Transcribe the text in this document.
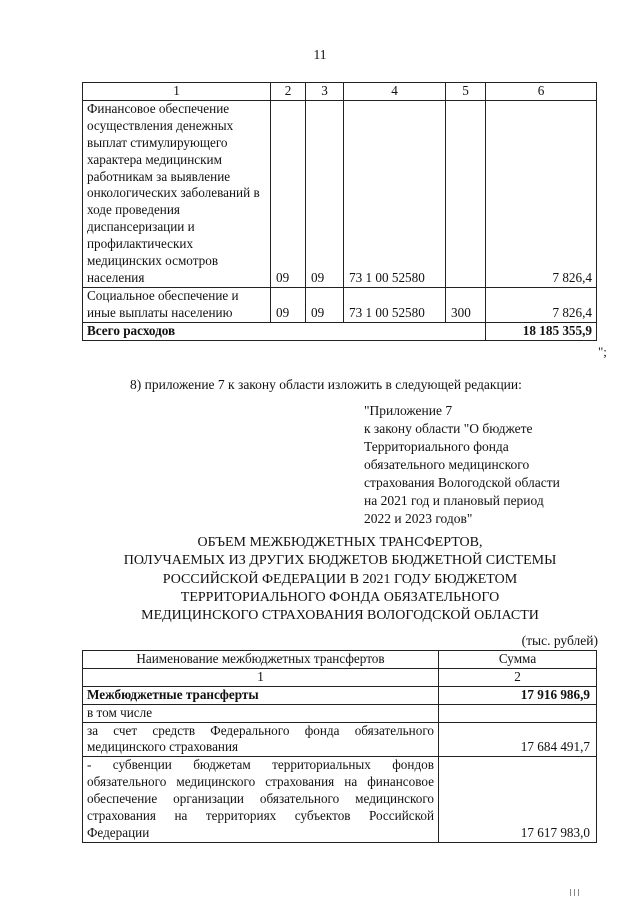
11
1	2	3	4	5	6
Финансовое обеспечение осуществления денежных выплат стимулирующего характера медицинским работникам за выявление онкологических заболеваний в ходе проведения диспансеризации и профилактических медицинских осмотров населения	09	09	73 1 00 52580		7 826,4
Социальное обеспечение и иные выплаты населению	09	09	73 1 00 52580	300	7 826,4
Всего расходов					18 185 355,9
";
8) приложение 7 к закону области изложить в следующей редакции:
"Приложение 7
к закону области "О бюджете
Территориального фонда
обязательного медицинского
страхования Вологодской области
на 2021 год и плановый период
2022 и 2023 годов"
ОБЪЕМ МЕЖБЮДЖЕТНЫХ ТРАНСФЕРТОВ,
ПОЛУЧАЕМЫХ ИЗ ДРУГИХ БЮДЖЕТОВ БЮДЖЕТНОЙ СИСТЕМЫ
РОССИЙСКОЙ ФЕДЕРАЦИИ В 2021 ГОДУ БЮДЖЕТОМ
ТЕРРИТОРИАЛЬНОГО ФОНДА ОБЯЗАТЕЛЬНОГО
МЕДИЦИНСКОГО СТРАХОВАНИЯ ВОЛОГОДСКОЙ ОБЛАСТИ
(тыс. рублей)
Наименование межбюджетных трансфертов	Сумма
1	2
Межбюджетные трансферты	17 916 986,9
в том числе	
за счет средств Федерального фонда обязательного медицинского страхования	17 684 491,7
- субвенции бюджетам территориальных фондов обязательного медицинского страхования на финансовое обеспечение организации обязательного медицинского страхования на территориях субъектов Российской Федерации	17 617 983,0
